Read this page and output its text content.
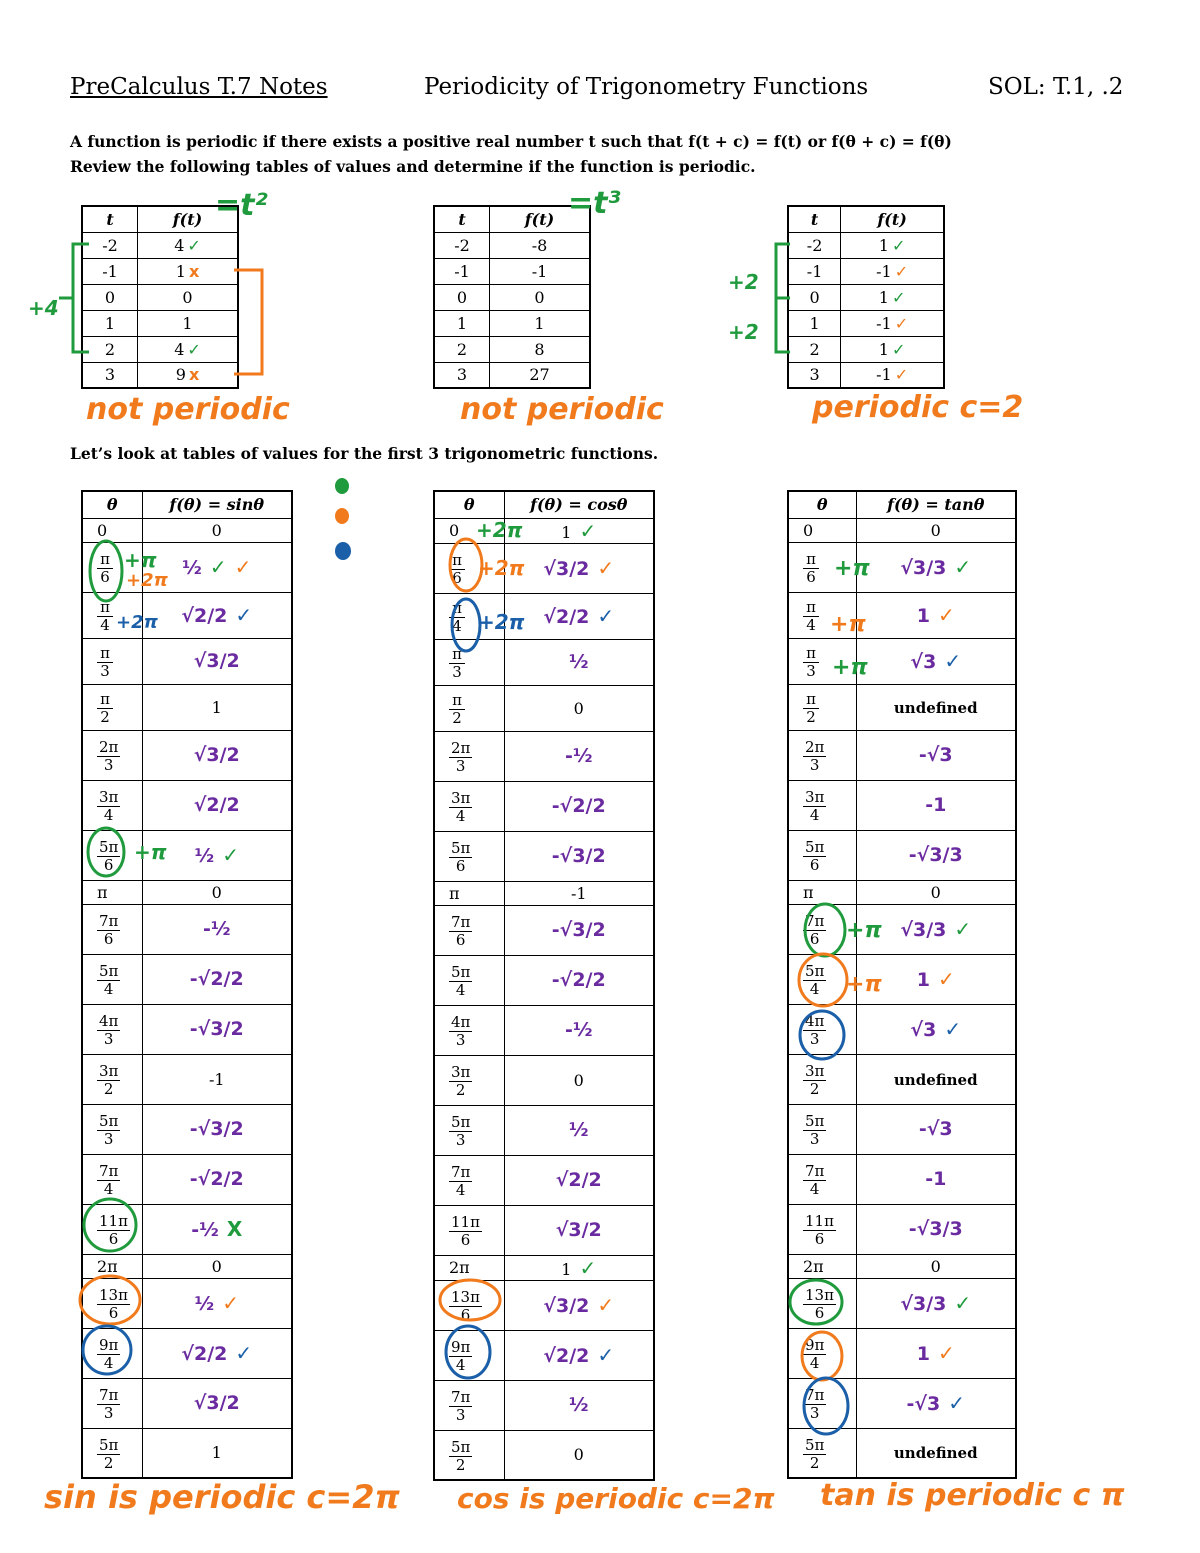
PreCalculus T.7 Notes	Periodicity of Trigonometry Functions	SOL: T.1, .2
A function is periodic if there exists a positive real number t such that f(t + c) = f(t) or f(θ + c) = f(θ)
Review the following tables of values and determine if the function is periodic.
t	f(t)
-2	4 ✓
-1	1 x
0	0
1	1
2	4 ✓
3	9 x
t	f(t)
-2	-8
-1	-1
0	0
1	1
2	8
3	27
t	f(t)
-2	1 ✓
-1	-1 ✓
0	1 ✓
1	-1 ✓
2	1 ✓
3	-1 ✓
=t²	=t³
+4
not periodic	not periodic	periodic c=2
+2
+2
Let’s look at tables of values for the first 3 trigonometric functions.
θ	f(θ) = sinθ
0	0

$\frac{\pi}{6}$	½ ✓ ✓

$\frac{\pi}{4}$	√2/2 ✓

$\frac{\pi}{3}$	√3/2

$\frac{\pi}{2}$	1

$\frac{2\pi}{3}$	√3/2

$\frac{3\pi}{4}$	√2/2

$\frac{5\pi}{6}$	½ ✓
π	0

$\frac{7\pi}{6}$	-½

$\frac{5\pi}{4}$	-√2/2

$\frac{4\pi}{3}$	-√3/2

$\frac{3\pi}{2}$	-1

$\frac{5\pi}{3}$	-√3/2

$\frac{7\pi}{4}$	-√2/2

$\frac{11\pi}{6}$	-½ X
2π	0

$\frac{13\pi}{6}$	½ ✓

$\frac{9\pi}{4}$	√2/2 ✓

$\frac{7\pi}{3}$	√3/2

$\frac{5\pi}{2}$	1
θ	f(θ) = cosθ
0	1 ✓

$\frac{\pi}{6}$	√3/2 ✓

$\frac{\pi}{4}$	√2/2 ✓

$\frac{\pi}{3}$	½

$\frac{\pi}{2}$	0

$\frac{2\pi}{3}$	-½

$\frac{3\pi}{4}$	-√2/2

$\frac{5\pi}{6}$	-√3/2
π	-1

$\frac{7\pi}{6}$	-√3/2

$\frac{5\pi}{4}$	-√2/2

$\frac{4\pi}{3}$	-½

$\frac{3\pi}{2}$	0

$\frac{5\pi}{3}$	½

$\frac{7\pi}{4}$	√2/2

$\frac{11\pi}{6}$	√3/2
2π	1 ✓

$\frac{13\pi}{6}$	√3/2 ✓

$\frac{9\pi}{4}$	√2/2 ✓

$\frac{7\pi}{3}$	½

$\frac{5\pi}{2}$	0
θ	f(θ) = tanθ
0	0

$\frac{\pi}{6}$	√3/3 ✓

$\frac{\pi}{4}$	1 ✓

$\frac{\pi}{3}$	√3 ✓

$\frac{\pi}{2}$	undefined

$\frac{2\pi}{3}$	-√3

$\frac{3\pi}{4}$	-1

$\frac{5\pi}{6}$	-√3/3
π	0

$\frac{7\pi}{6}$	√3/3 ✓

$\frac{5\pi}{4}$	1 ✓

$\frac{4\pi}{3}$	√3 ✓

$\frac{3\pi}{2}$	undefined

$\frac{5\pi}{3}$	-√3

$\frac{7\pi}{4}$	-1

$\frac{11\pi}{6}$	-√3/3
2π	0

$\frac{13\pi}{6}$	√3/3 ✓

$\frac{9\pi}{4}$	1 ✓

$\frac{7\pi}{3}$	-√3 ✓

$\frac{5\pi}{2}$	undefined
sin is periodic c=2π cos is periodic c=2π tan is periodic c π
+π
+2π
+2π
+π
+2π
+2π
+2π
+π
+π
+π
+π
+π
